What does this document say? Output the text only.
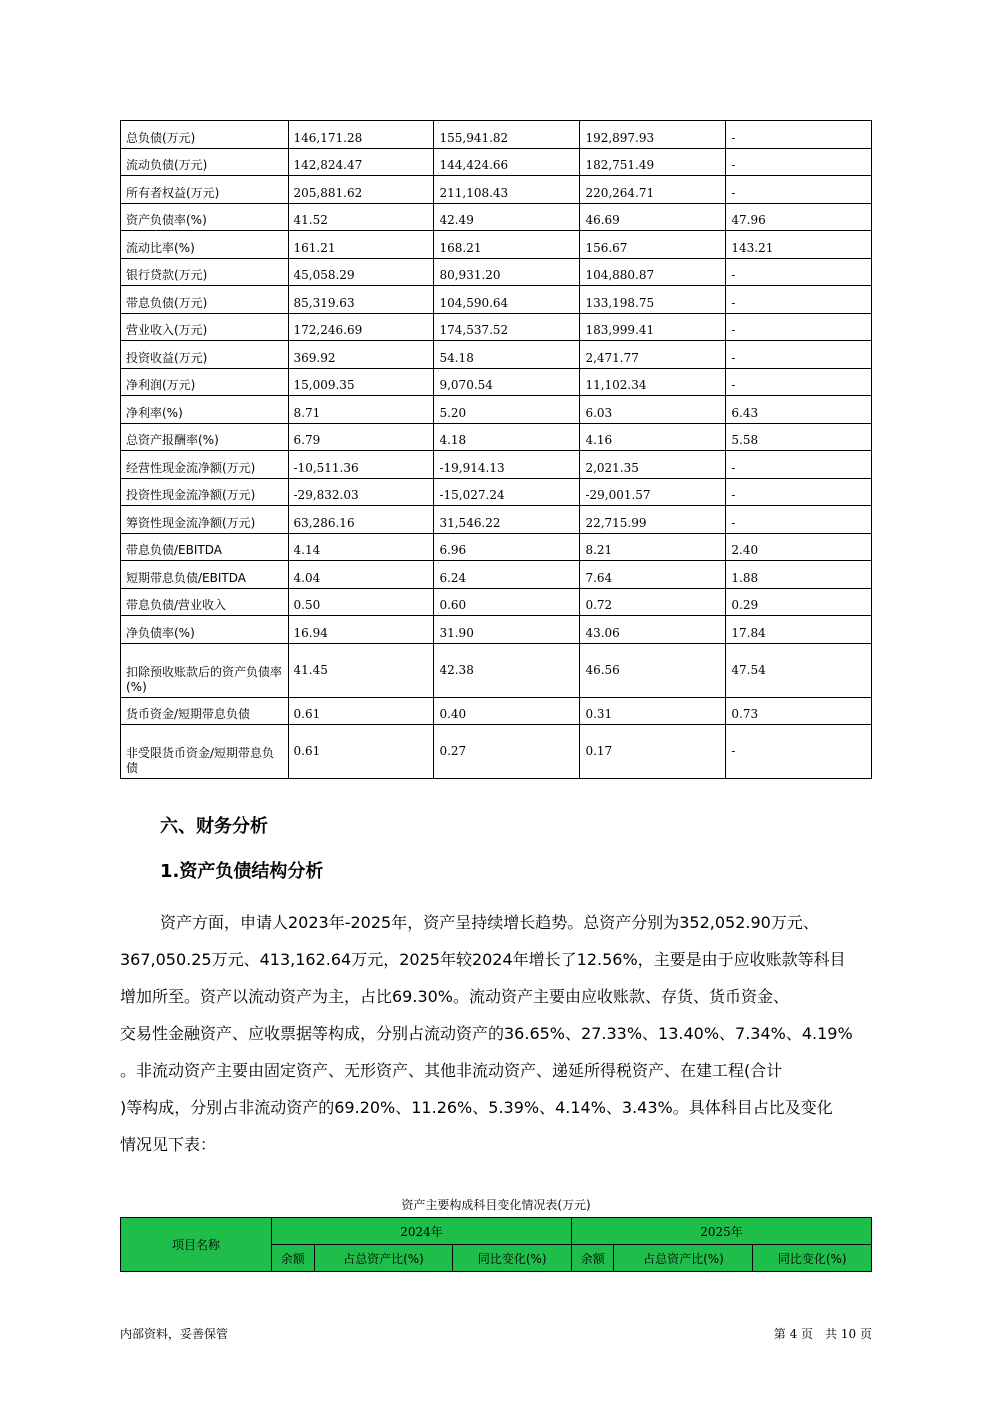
总负债(万元)	146,171.28	155,941.82	192,897.93	-
流动负债(万元)	142,824.47	144,424.66	182,751.49	-
所有者权益(万元)	205,881.62	211,108.43	220,264.71	-
资产负债率(%)	41.52	42.49	46.69	47.96
流动比率(%)	161.21	168.21	156.67	143.21
银行贷款(万元)	45,058.29	80,931.20	104,880.87	-
带息负债(万元)	85,319.63	104,590.64	133,198.75	-
营业收入(万元)	172,246.69	174,537.52	183,999.41	-
投资收益(万元)	369.92	54.18	2,471.77	-
净利润(万元)	15,009.35	9,070.54	11,102.34	-
净利率(%)	8.71	5.20	6.03	6.43
总资产报酬率(%)	6.79	4.18	4.16	5.58
经营性现金流净额(万元)	-10,511.36	-19,914.13	2,021.35	-
投资性现金流净额(万元)	-29,832.03	-15,027.24	-29,001.57	-
筹资性现金流净额(万元)	63,286.16	31,546.22	22,715.99	-
带息负债/EBITDA	4.14	6.96	8.21	2.40
短期带息负债/EBITDA	4.04	6.24	7.64	1.88
带息负债/营业收入	0.50	0.60	0.72	0.29
净负债率(%)	16.94	31.90	43.06	17.84
扣除预收账款后的资产负债率(%)	41.45	42.38	46.56	47.54
货币资金/短期带息负债	0.61	0.40	0.31	0.73
非受限货币资金/短期带息负债	0.61	0.27	0.17	-
六、财务分析
1.资产负债结构分析

资产方面，申请人2023年-2025年，资产呈持续增长趋势。总资产分别为352,052.90万元、
367,050.25万元、413,162.64万元，2025年较2024年增长了12.56%，主要是由于应收账款等科目
增加所至。资产以流动资产为主，占比69.30%。流动资产主要由应收账款、存货、货币资金、
交易性金融资产、应收票据等构成，分别占流动资产的36.65%、27.33%、13.40%、7.34%、4.19%
。非流动资产主要由固定资产、无形资产、其他非流动资产、递延所得税资产、在建工程(合计
)等构成，分别占非流动资产的69.20%、11.26%、5.39%、4.14%、3.43%。具体科目占比及变化
情况见下表：

资产主要构成科目变化情况表(万元)
项目名称	2024年			2025年		
	余额	占总资产比(%)	同比变化(%)	余额	占总资产比(%)	同比变化(%)
内部资料，妥善保管	第 4 页　共 10 页
